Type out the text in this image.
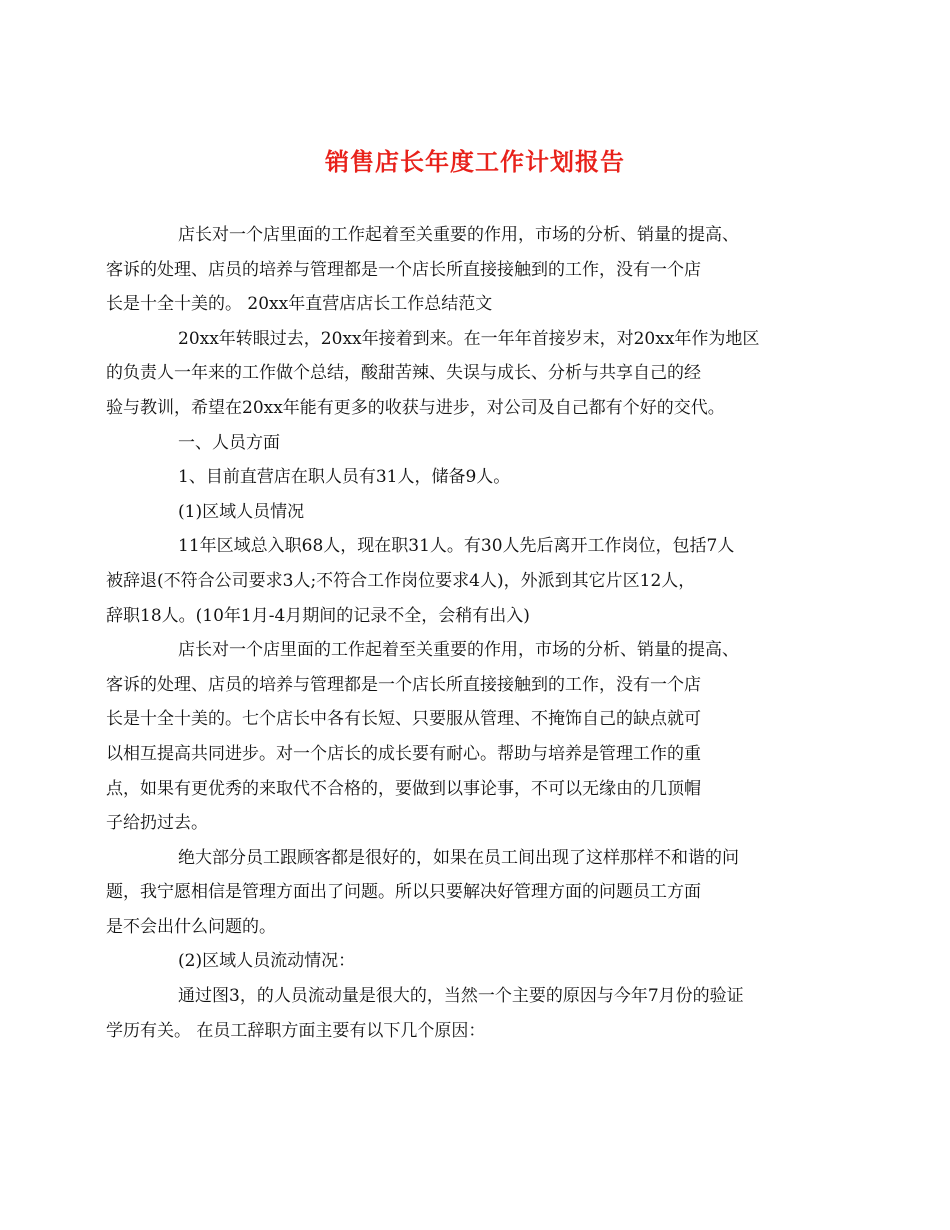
销售店长年度工作计划报告

店长对一个店里面的工作起着至关重要的作用，市场的分析、销量的提高、
客诉的处理、店员的培养与管理都是一个店长所直接接触到的工作，没有一个店
长是十全十美的。 20xx年直营店店长工作总结范文

20xx年转眼过去，20xx年接着到来。在一年年首接岁末，对20xx年作为地区
的负责人一年来的工作做个总结，酸甜苦辣、失误与成长、分析与共享自己的经
验与教训，希望在20xx年能有更多的收获与进步，对公司及自己都有个好的交代。

一、人员方面

1、目前直营店在职人员有31人，储备9人。

(1)区域人员情况

11年区域总入职68人，现在职31人。有30人先后离开工作岗位，包括7人
被辞退(不符合公司要求3人;不符合工作岗位要求4人)，外派到其它片区12人，
辞职18人。(10年1月-4月期间的记录不全，会稍有出入)

店长对一个店里面的工作起着至关重要的作用，市场的分析、销量的提高、
客诉的处理、店员的培养与管理都是一个店长所直接接触到的工作，没有一个店
长是十全十美的。七个店长中各有长短、只要服从管理、不掩饰自己的缺点就可
以相互提高共同进步。对一个店长的成长要有耐心。帮助与培养是管理工作的重
点，如果有更优秀的来取代不合格的，要做到以事论事，不可以无缘由的几顶帽
子给扔过去。

绝大部分员工跟顾客都是很好的，如果在员工间出现了这样那样不和谐的问
题，我宁愿相信是管理方面出了问题。所以只要解决好管理方面的问题员工方面
是不会出什么问题的。

(2)区域人员流动情况：

通过图3，的人员流动量是很大的，当然一个主要的原因与今年7月份的验证
学历有关。 在员工辞职方面主要有以下几个原因：
